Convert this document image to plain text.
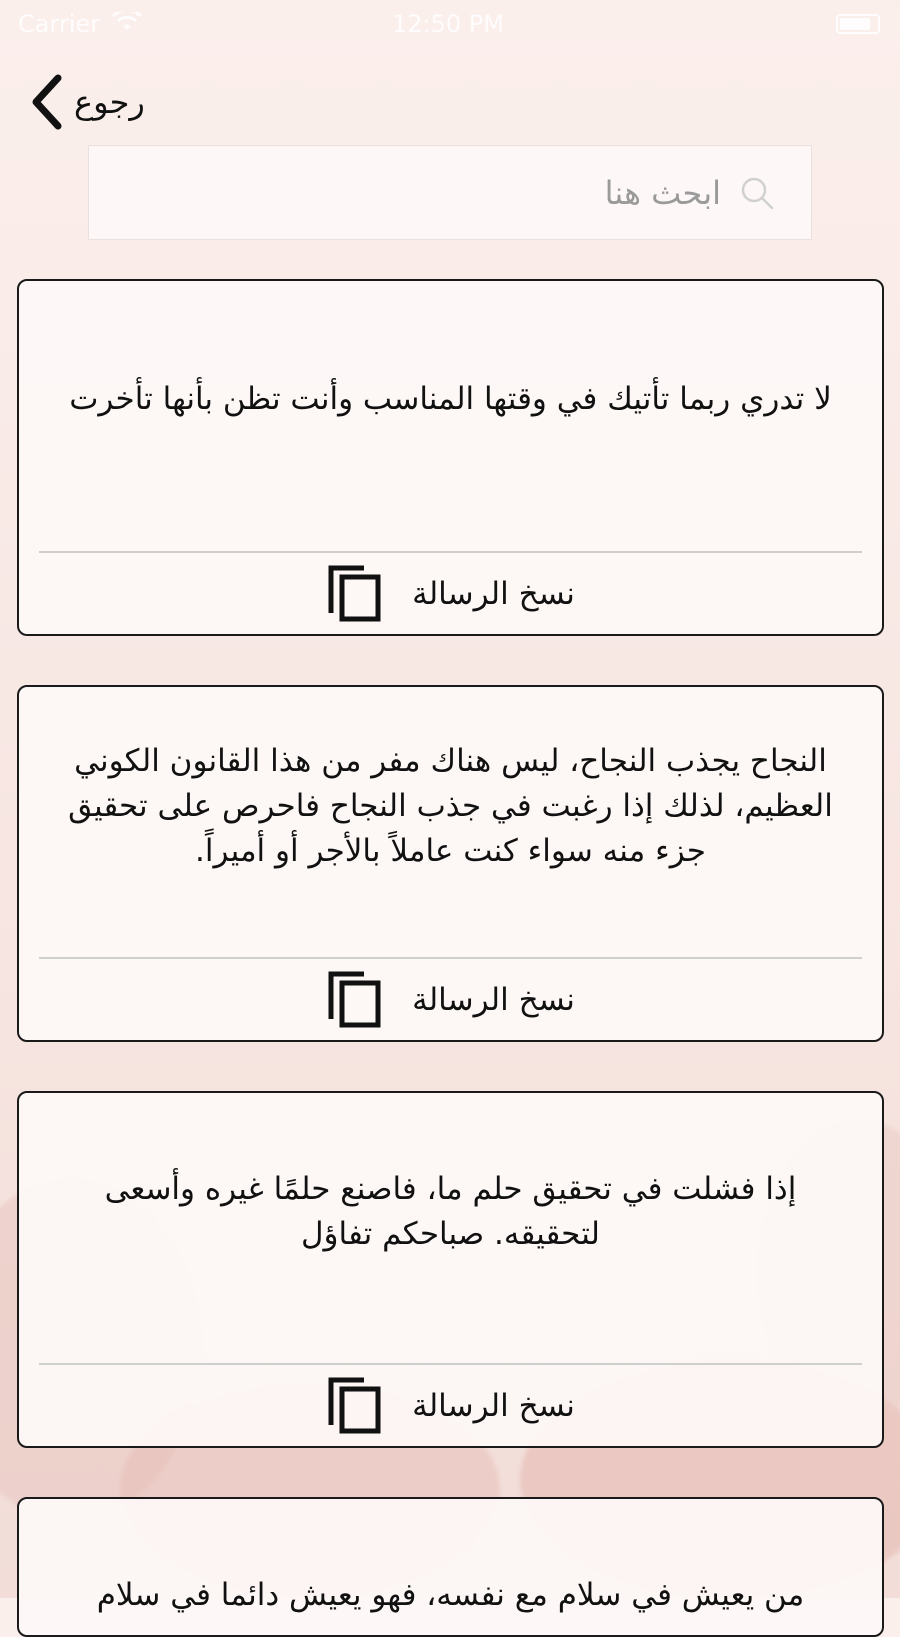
Carrier	12:50 PM
رجوع
ابحث هنا
لا تدري ربما تأتيك في وقتها المناسب وأنت تظن بأنها تأخرت
نسخ الرسالة
النجاح يجذب النجاح، ليس هناك مفر من هذا القانون الكوني العظيم، لذلك إذا رغبت في جذب النجاح فاحرص على تحقيق جزء منه سواء كنت عاملاً بالأجر أو أميراً.
نسخ الرسالة
إذا فشلت في تحقيق حلم ما، فاصنع حلمًا غيره وأسعى لتحقيقه. صباحكم تفاؤل
نسخ الرسالة
من يعيش في سلام مع نفسه، فهو يعيش دائما في سلام
